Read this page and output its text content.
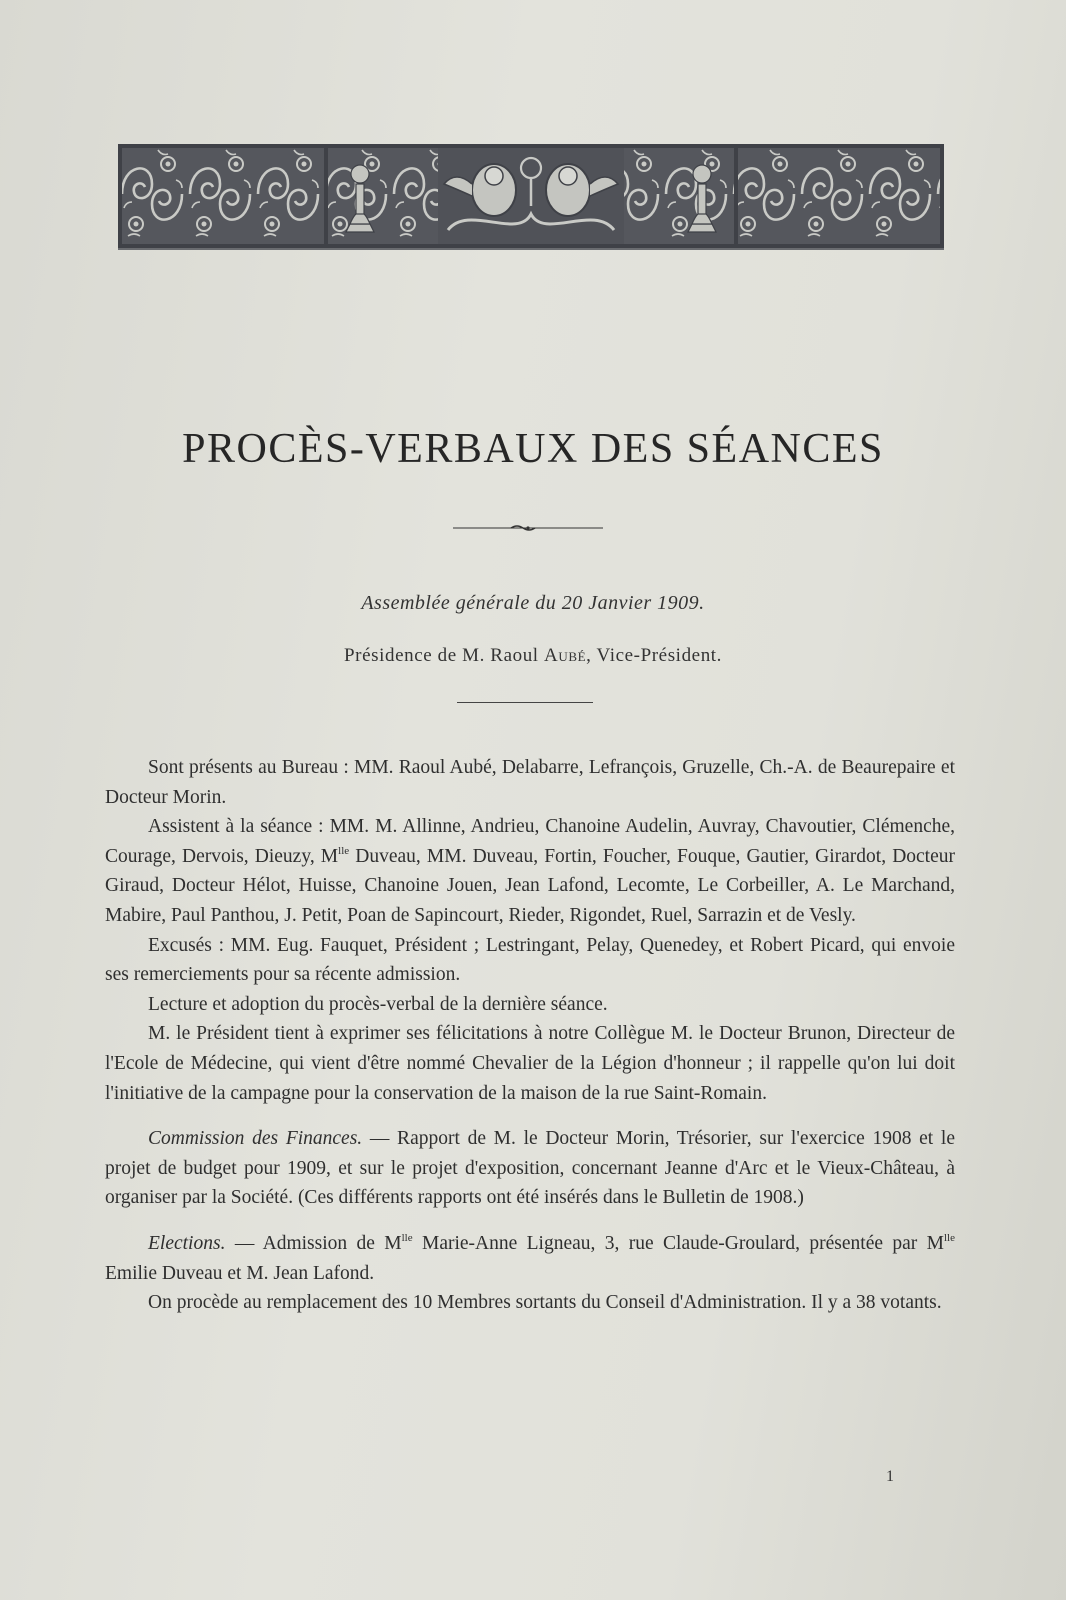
PROCÈS-VERBAUX DES SÉANCES
Assemblée générale du 20 Janvier 1909.
Présidence de M. Raoul Aubé, Vice-Président.

Sont présents au Bureau : MM. Raoul Aubé, Delabarre, Lefrançois, Gruzelle, Ch.-A. de Beaurepaire et Docteur Morin.

Assistent à la séance : MM. M. Allinne, Andrieu, Chanoine Audelin, Auvray, Chavoutier, Clémenche, Courage, Dervois, Dieuzy, $M^{lle}$ Duveau, MM. Duveau, Fortin, Foucher, Fouque, Gautier, Girardot, Docteur Giraud, Docteur Hélot, Huisse, Chanoine Jouen, Jean Lafond, Lecomte, Le Corbeiller, A. Le Marchand, Mabire, Paul Panthou, J. Petit, Poan de Sapincourt, Rieder, Rigondet, Ruel, Sarrazin et de Vesly.

Excusés : MM. Eug. Fauquet, Président ; Lestringant, Pelay, Quenedey, et Robert Picard, qui envoie ses remerciements pour sa récente admission.

Lecture et adoption du procès-verbal de la dernière séance.

M. le Président tient à exprimer ses félicitations à notre Collègue M. le Docteur Brunon, Directeur de l'Ecole de Médecine, qui vient d'être nommé Chevalier de la Légion d'honneur ; il rappelle qu'on lui doit l'initiative de la campagne pour la conservation de la maison de la rue Saint-Romain.

Commission des Finances. — Rapport de M. le Docteur Morin, Trésorier, sur l'exercice 1908 et le projet de budget pour 1909, et sur le projet d'exposition, concernant Jeanne d'Arc et le Vieux-Château, à organiser par la Société. (Ces différents rapports ont été insérés dans le Bulletin de 1908.)

Elections. — Admission de $M^{lle}$ Marie-Anne Ligneau, 3, rue Claude-Groulard, présentée par $M^{lle}$ Emilie Duveau et M. Jean Lafond.

On procède au remplacement des 10 Membres sortants du Conseil d'Administration. Il y a 38 votants.

1
